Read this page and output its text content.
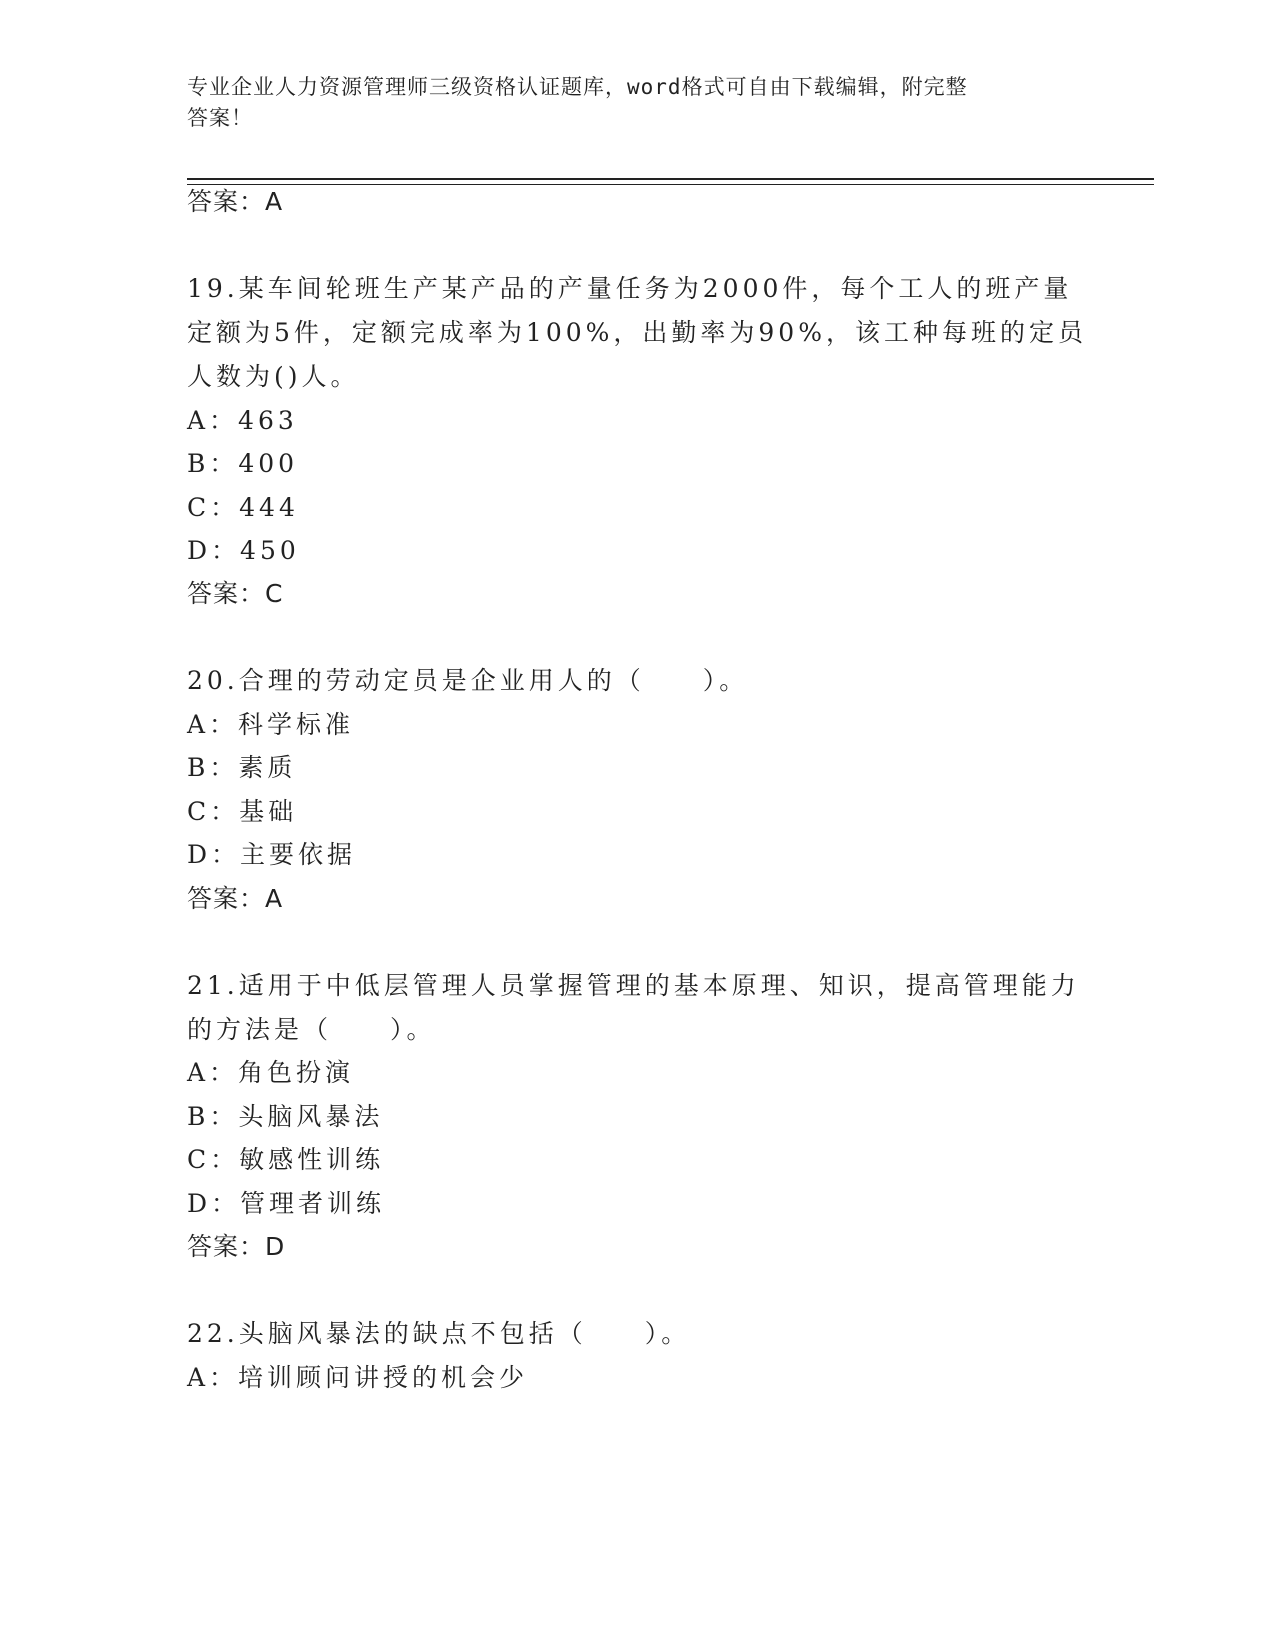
专业企业人力资源管理师三级资格认证题库，word格式可自由下载编辑，附完整
答案！
答案：A
19.某车间轮班生产某产品的产量任务为2000件，每个工人的班产量
定额为5件，定额完成率为100%，出勤率为90%，该工种每班的定员
人数为()人。
A：463
B：400
C：444
D：450
答案：C
20.合理的劳动定员是企业用人的（　　）。
A：科学标准
B：素质
C：基础
D：主要依据
答案：A
21.适用于中低层管理人员掌握管理的基本原理、知识，提高管理能力
的方法是（　　）。
A：角色扮演
B：头脑风暴法
C：敏感性训练
D：管理者训练
答案：D
22.头脑风暴法的缺点不包括（　　）。
A：培训顾问讲授的机会少
